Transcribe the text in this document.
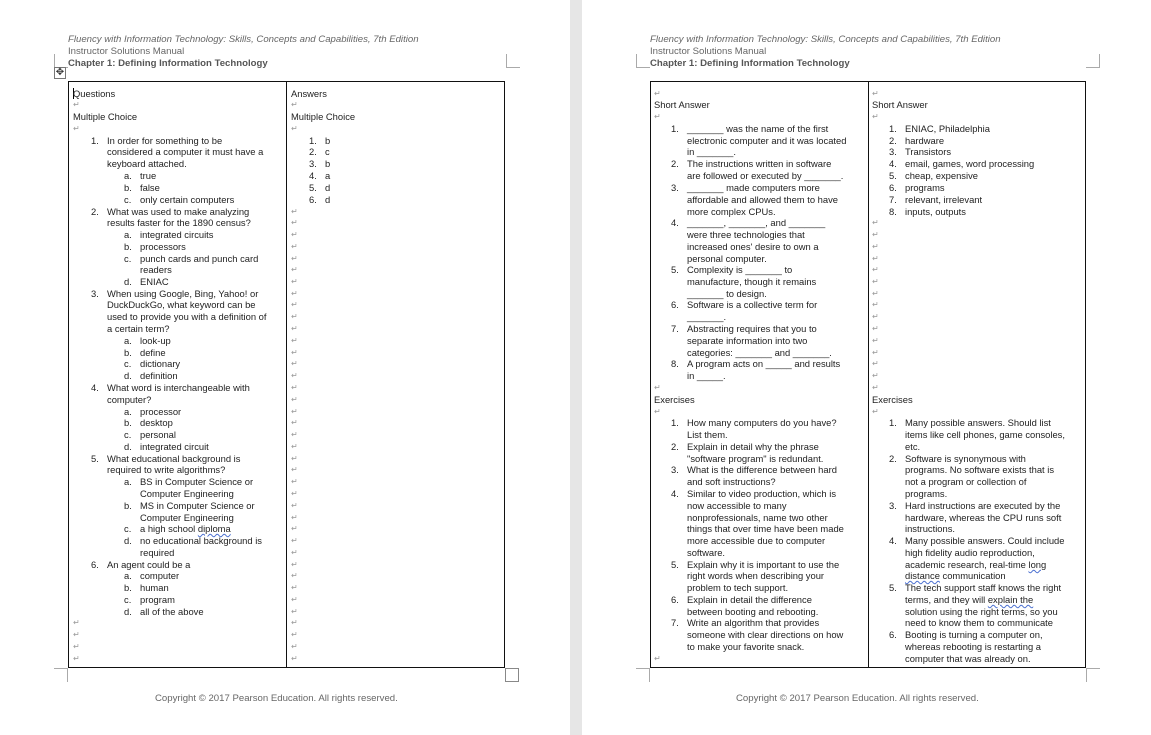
Fluency with Information Technology: Skills, Concepts and Capabilities, 7th Edition
Instructor Solutions Manual
Chapter 1: Defining Information Technology
✥
Copyright © 2017 Pearson Education. All rights reserved.
Questions
↵
Multiple Choice
↵
1. In order for something to be
considered a computer it must have a
keyboard attached.
a. true
b. false
c. only certain computers
2. What was used to make analyzing
results faster for the 1890 census?
a. integrated circuits
b. processors
c. punch cards and punch card
readers
d. ENIAC
3. When using Google, Bing, Yahoo! or
DuckDuckGo, what keyword can be
used to provide you with a definition of
a certain term?
a. look-up
b. define
c. dictionary
d. definition
4. What word is interchangeable with
computer?
a. processor
b. desktop
c. personal
d. integrated circuit
5. What educational background is
required to write algorithms?
a. BS in Computer Science or
Computer Engineering
b. MS in Computer Science or
Computer Engineering
c. a high school diploma
d. no educational background is
required
6. An agent could be a
a. computer
b. human
c. program
d. all of the above
Answers
Multiple Choice
1. b
2. c
3. b
4. a
5. d
6. d
↵
↵
↵
↵
↵
↵
↵
↵
↵
↵
↵
↵
↵
↵
↵
↵
↵
↵
↵
↵
↵
↵
↵
↵
↵
↵
↵
↵
↵
↵
↵
↵
↵
↵
↵
↵
↵
↵
↵
↵
↵
↵
↵
↵
↵
Fluency with Information Technology: Skills, Concepts and Capabilities, 7th Edition
Instructor Solutions Manual
Chapter 1: Defining Information Technology
Copyright © 2017 Pearson Education. All rights reserved.
↵
Short Answer
↵
1. _______ was the name of the first
electronic computer and it was located
in _______.
2. The instructions written in software
are followed or executed by _______.
3. _______ made computers more
affordable and allowed them to have
more complex CPUs.
4. _______, _______, and _______
were three technologies that
increased ones' desire to own a
personal computer.
5. Complexity is _______ to
manufacture, though it remains
_______ to design.
6. Software is a collective term for
_______.
7. Abstracting requires that you to
separate information into two
categories: _______ and _______.
8. A program acts on _____ and results
in _____.
↵
Exercises
↵
1. How many computers do you have?
List them.
2. Explain in detail why the phrase
"software program" is redundant.
3. What is the difference between hard
and soft instructions?
4. Similar to video production, which is
now accessible to many
nonprofessionals, name two other
things that over time have been made
more accessible due to computer
software.
5. Explain why it is important to use the
right words when describing your
problem to tech support.
6. Explain in detail the difference
between booting and rebooting.
7. Write an algorithm that provides
someone with clear directions on how
to make your favorite snack.
↵
Short Answer
↵
1. ENIAC, Philadelphia
2. hardware
3. Transistors
4. email, games, word processing
5. cheap, expensive
6. programs
7. relevant, irrelevant
8. inputs, outputs
Exercises
1. Many possible answers. Should list
items like cell phones, game consoles,
etc.
2. Software is synonymous with
programs. No software exists that is
not a program or collection of
programs.
3. Hard instructions are executed by the
hardware, whereas the CPU runs soft
instructions.
4. Many possible answers. Could include
high fidelity audio reproduction,
academic research, real-time long
distance communication
5. The tech support staff knows the right
terms, and they will explain the
solution using the right terms, so you
need to know them to communicate
6. Booting is turning a computer on,
whereas rebooting is restarting a
computer that was already on.
↵
↵
↵
↵
↵
↵
↵
↵
↵
↵
↵
↵
↵
↵
↵
↵
↵
